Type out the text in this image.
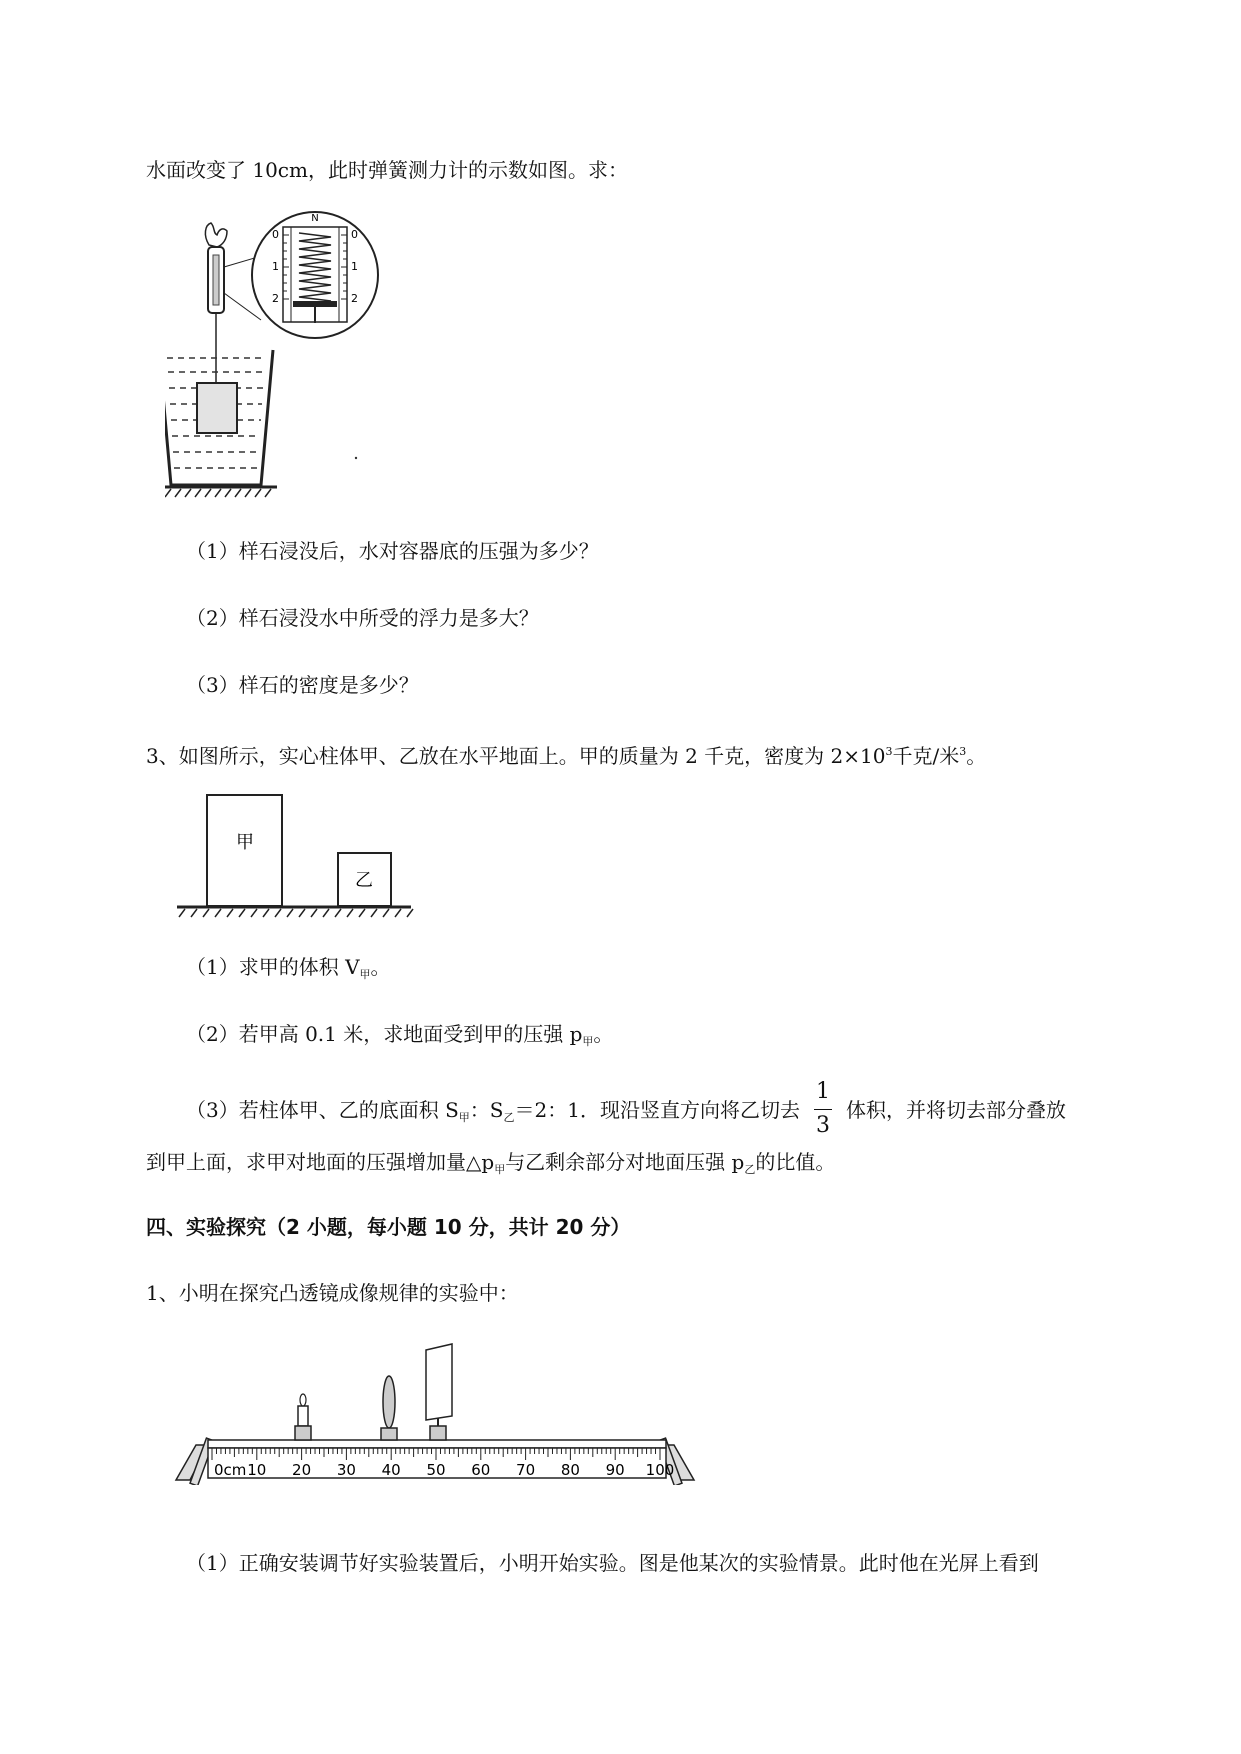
水面改变了 10cm，此时弹簧测力计的示数如图。求：
N
0
1
2
0
1
2
（1）样石浸没后，水对容器底的压强为多少？
（2）样石浸没水中所受的浮力是多大？
（3）样石的密度是多少？
3、如图所示，实心柱体甲、乙放在水平地面上。甲的质量为 2 千克，密度为 $2\times 10^3$千克/米$^3$。
甲
乙
（1）求甲的体积 $V_甲$。
（2）若甲高 0.1 米，求地面受到甲的压强 $p_甲$。
（3）若柱体甲、乙的底面积 $S_甲$：$S_乙=2$：1．现沿竖直方向将乙切去 $\frac{1}{3}$ 体积，并将切去部分叠放
到甲上面，求甲对地面的压强增加量$\triangle p_甲$与乙剩余部分对地面压强 $p_乙$的比值。
四、实验探究（2 小题，每小题 10 分，共计 20 分）
1、小明在探究凸透镜成像规律的实验中：
0cm 10 20 30 40 50 60 70 80 90 100
（1）正确安装调节好实验装置后，小明开始实验。图是他某次的实验情景。此时他在光屏上看到
